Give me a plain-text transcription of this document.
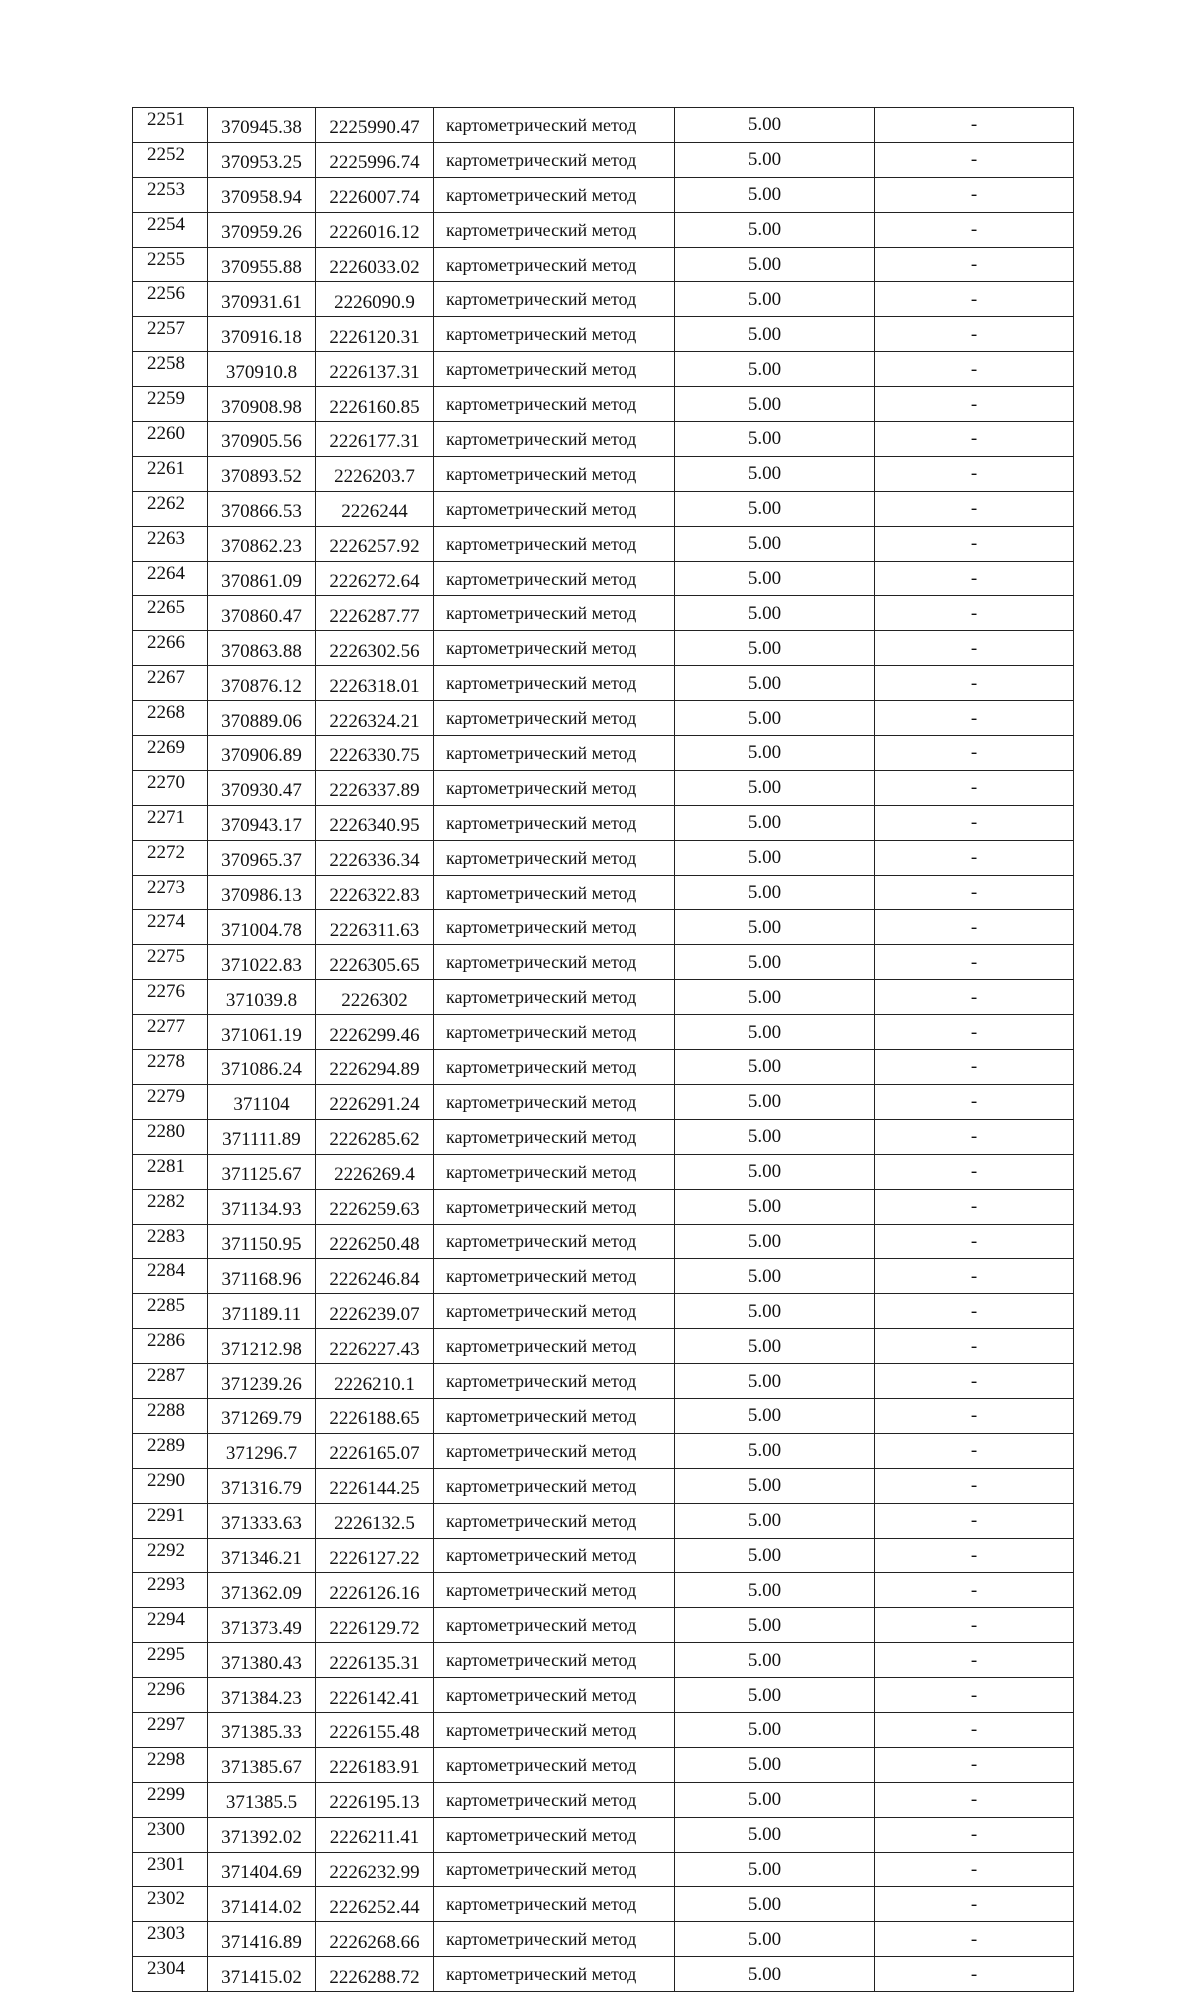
2251	370945.38	2225990.47	картометрический метод	5.00	-
2252	370953.25	2225996.74	картометрический метод	5.00	-
2253	370958.94	2226007.74	картометрический метод	5.00	-
2254	370959.26	2226016.12	картометрический метод	5.00	-
2255	370955.88	2226033.02	картометрический метод	5.00	-
2256	370931.61	2226090.9	картометрический метод	5.00	-
2257	370916.18	2226120.31	картометрический метод	5.00	-
2258	370910.8	2226137.31	картометрический метод	5.00	-
2259	370908.98	2226160.85	картометрический метод	5.00	-
2260	370905.56	2226177.31	картометрический метод	5.00	-
2261	370893.52	2226203.7	картометрический метод	5.00	-
2262	370866.53	2226244	картометрический метод	5.00	-
2263	370862.23	2226257.92	картометрический метод	5.00	-
2264	370861.09	2226272.64	картометрический метод	5.00	-
2265	370860.47	2226287.77	картометрический метод	5.00	-
2266	370863.88	2226302.56	картометрический метод	5.00	-
2267	370876.12	2226318.01	картометрический метод	5.00	-
2268	370889.06	2226324.21	картометрический метод	5.00	-
2269	370906.89	2226330.75	картометрический метод	5.00	-
2270	370930.47	2226337.89	картометрический метод	5.00	-
2271	370943.17	2226340.95	картометрический метод	5.00	-
2272	370965.37	2226336.34	картометрический метод	5.00	-
2273	370986.13	2226322.83	картометрический метод	5.00	-
2274	371004.78	2226311.63	картометрический метод	5.00	-
2275	371022.83	2226305.65	картометрический метод	5.00	-
2276	371039.8	2226302	картометрический метод	5.00	-
2277	371061.19	2226299.46	картометрический метод	5.00	-
2278	371086.24	2226294.89	картометрический метод	5.00	-
2279	371104	2226291.24	картометрический метод	5.00	-
2280	371111.89	2226285.62	картометрический метод	5.00	-
2281	371125.67	2226269.4	картометрический метод	5.00	-
2282	371134.93	2226259.63	картометрический метод	5.00	-
2283	371150.95	2226250.48	картометрический метод	5.00	-
2284	371168.96	2226246.84	картометрический метод	5.00	-
2285	371189.11	2226239.07	картометрический метод	5.00	-
2286	371212.98	2226227.43	картометрический метод	5.00	-
2287	371239.26	2226210.1	картометрический метод	5.00	-
2288	371269.79	2226188.65	картометрический метод	5.00	-
2289	371296.7	2226165.07	картометрический метод	5.00	-
2290	371316.79	2226144.25	картометрический метод	5.00	-
2291	371333.63	2226132.5	картометрический метод	5.00	-
2292	371346.21	2226127.22	картометрический метод	5.00	-
2293	371362.09	2226126.16	картометрический метод	5.00	-
2294	371373.49	2226129.72	картометрический метод	5.00	-
2295	371380.43	2226135.31	картометрический метод	5.00	-
2296	371384.23	2226142.41	картометрический метод	5.00	-
2297	371385.33	2226155.48	картометрический метод	5.00	-
2298	371385.67	2226183.91	картометрический метод	5.00	-
2299	371385.5	2226195.13	картометрический метод	5.00	-
2300	371392.02	2226211.41	картометрический метод	5.00	-
2301	371404.69	2226232.99	картометрический метод	5.00	-
2302	371414.02	2226252.44	картометрический метод	5.00	-
2303	371416.89	2226268.66	картометрический метод	5.00	-
2304	371415.02	2226288.72	картометрический метод	5.00	-
